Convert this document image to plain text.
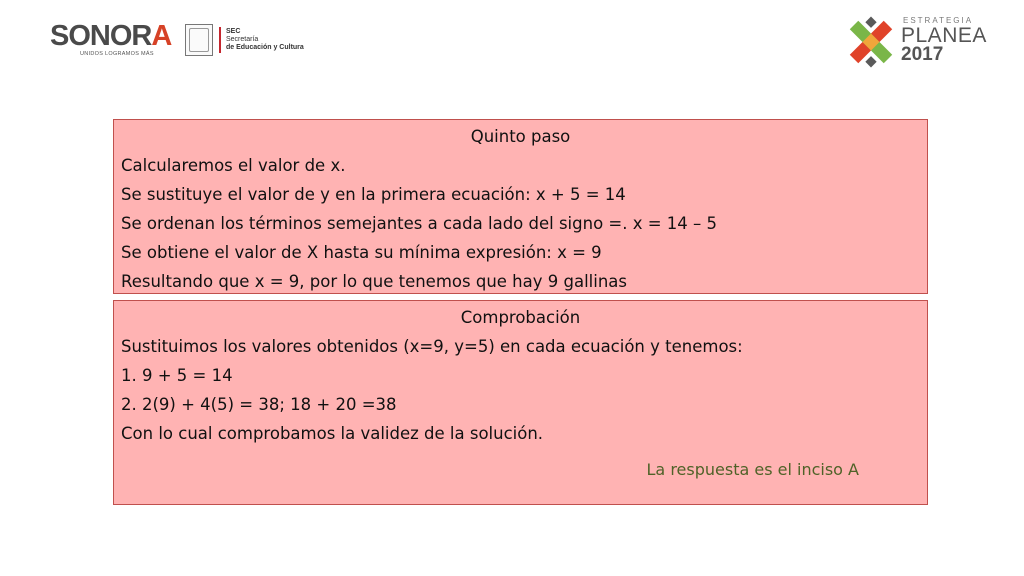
SONORA
UNIDOS LOGRAMOS MÁS
SEC
Secretaría
de Educación y Cultura
ESTRATEGIA
PLANEA
2017
Quinto paso
Calcularemos el valor de x.
Se sustituye el valor de y en la primera ecuación: x + 5 = 14
Se ordenan los términos semejantes a cada lado del signo =. x = 14 – 5
Se obtiene el valor de X hasta su mínima expresión: x = 9
Resultando que x = 9, por lo que tenemos que hay 9 gallinas
Comprobación
Sustituimos los valores obtenidos (x=9, y=5) en cada ecuación y tenemos:
1. 9 + 5 = 14
2. 2(9) + 4(5) = 38; 18 + 20 =38
Con lo cual comprobamos la validez de la solución.
La respuesta es el inciso A
